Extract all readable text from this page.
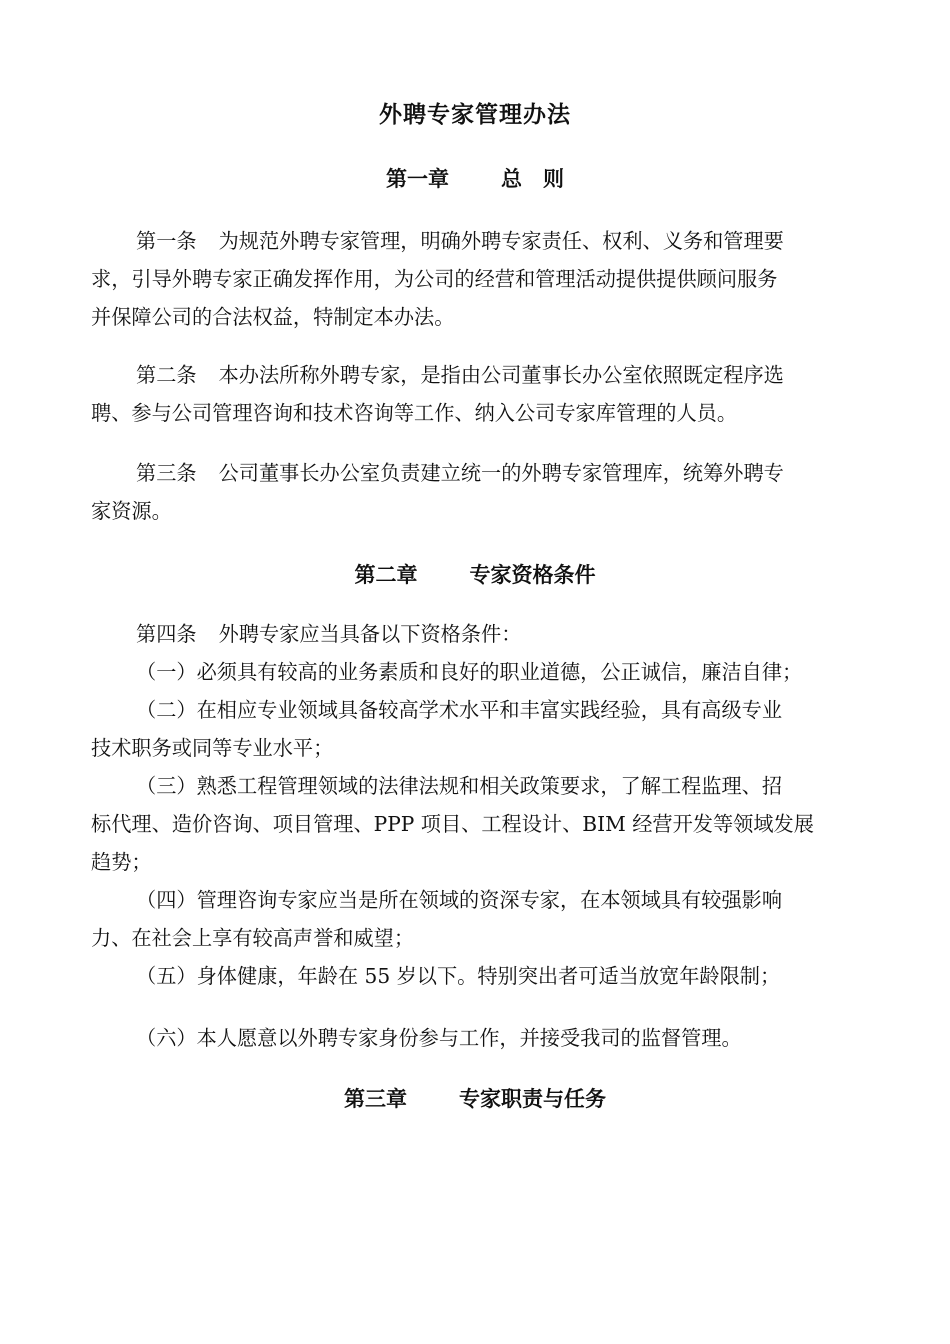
外聘专家管理办法
第一章 总　则
第一条 为规范外聘专家管理，明确外聘专家责任、权利、义务和管理要
求，引导外聘专家正确发挥作用，为公司的经营和管理活动提供提供顾问服务
并保障公司的合法权益，特制定本办法。
第二条 本办法所称外聘专家，是指由公司董事长办公室依照既定程序选
聘、参与公司管理咨询和技术咨询等工作、纳入公司专家库管理的人员。
第三条 公司董事长办公室负责建立统一的外聘专家管理库，统筹外聘专
家资源。
第二章 专家资格条件
第四条 外聘专家应当具备以下资格条件：
（一）必须具有较高的业务素质和良好的职业道德，公正诚信，廉洁自律；
（二）在相应专业领域具备较高学术水平和丰富实践经验，具有高级专业
技术职务或同等专业水平；
（三）熟悉工程管理领域的法律法规和相关政策要求，了解工程监理、招
标代理、造价咨询、项目管理、PPP 项目、工程设计、BIM 经营开发等领域发展
趋势；
（四）管理咨询专家应当是所在领域的资深专家，在本领域具有较强影响
力、在社会上享有较高声誉和威望；
（五）身体健康，年龄在 55 岁以下。特别突出者可适当放宽年龄限制；
（六）本人愿意以外聘专家身份参与工作，并接受我司的监督管理。
第三章 专家职责与任务
